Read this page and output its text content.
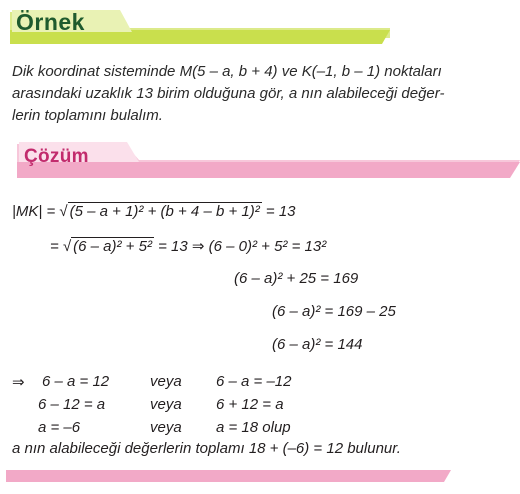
Örnek
Dik koordinat sisteminde M(5 – a, b + 4) ve K(–1, b – 1) noktaları
arasındaki uzaklık 13 birim olduğuna gör, a nın alabileceği değer-
lerin toplamını bulalım.
Çözüm
|MK| = √ (5 – a + 1)² + (b + 4 – b + 1)² = 13
= √ (6 – a)² + 5² = 13 ⇒ (6 – 0)² + 5² = 13²
(6 – a)² + 25 = 169
(6 – a)² = 169 – 25
(6 – a)² = 144
⇒ 6 – a = 12	veya 6 – a = –12
6 – 12 = a	veya 6 + 12 = a
a = –6	veya a = 18 olup
a nın alabileceği değerlerin toplamı 18 + (–6) = 12 bulunur.
